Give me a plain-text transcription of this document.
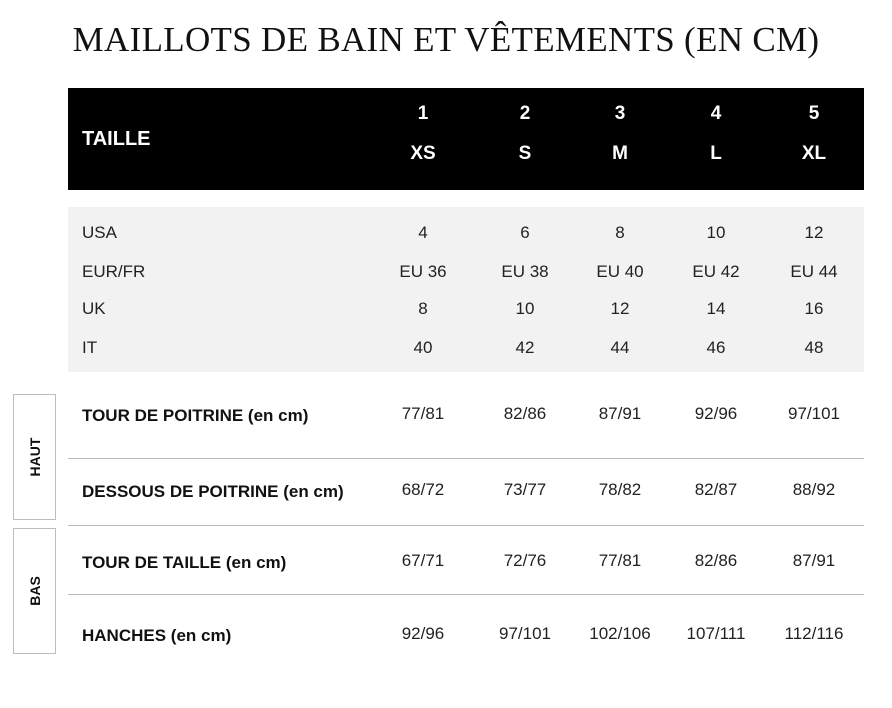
MAILLOTS DE BAIN ET VÊTEMENTS (EN CM)
TAILLE
1	2	3	4	5
XS	S	M	L	XL
USA	4	6	8	10	12
EUR/FR	EU 36	EU 38	EU 40	EU 42	EU 44
UK	8	10	12	14	16
IT	40	42	44	46	48
HAUT
BAS
TOUR DE POITRINE (en cm)	77/81	82/86	87/91	92/96	97/101
DESSOUS DE POITRINE (en cm)	68/72	73/77	78/82	82/87	88/92
TOUR DE TAILLE (en cm)	67/71	72/76	77/81	82/86	87/91
HANCHES (en cm)	92/96	97/101	102/106	107/111	112/116
